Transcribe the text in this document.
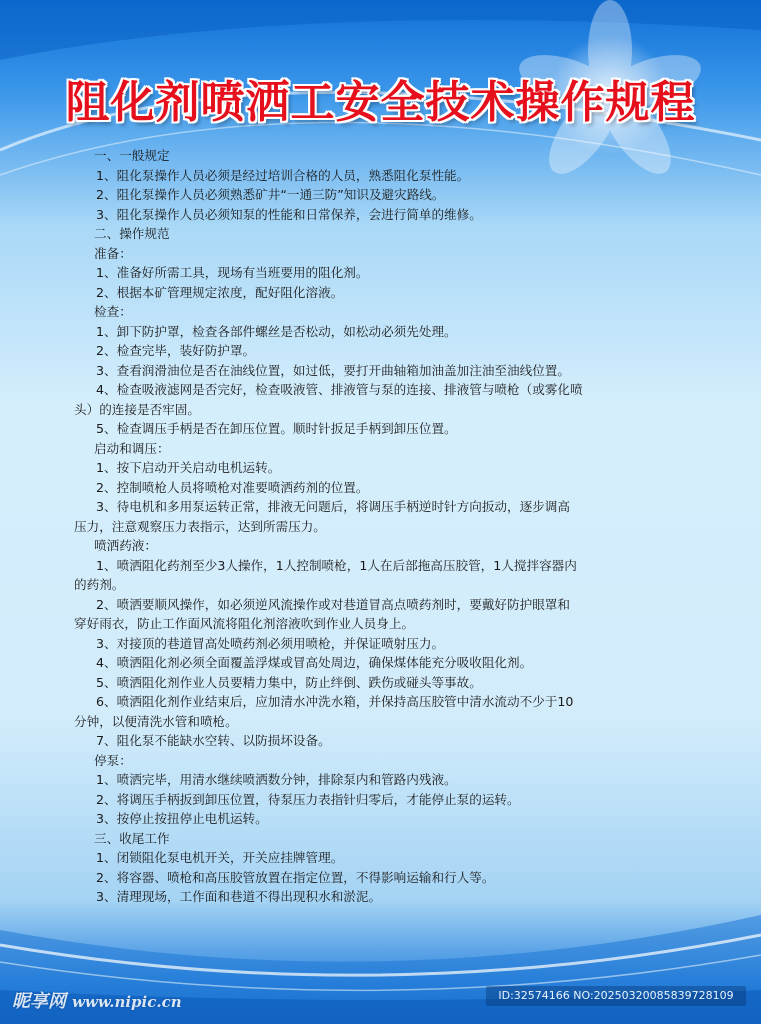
阻化剂喷洒工安全技术操作规程
一、一般规定
1、阻化泵操作人员必须是经过培训合格的人员，熟悉阻化泵性能。
2、阻化泵操作人员必须熟悉矿井“一通三防”知识及避灾路线。
3、阻化泵操作人员必须知泵的性能和日常保养，会进行简单的维修。
二、操作规范
准备：
1、准备好所需工具，现场有当班要用的阻化剂。
2、根据本矿管理规定浓度，配好阻化溶液。
检查：
1、卸下防护罩，检查各部件螺丝是否松动，如松动必须先处理。
2、检查完毕，装好防护罩。
3、查看润滑油位是否在油线位置，如过低，要打开曲轴箱加油盖加注油至油线位置。
4、检查吸液滤网是否完好，检查吸液管、排液管与泵的连接、排液管与喷枪（或雾化喷
头）的连接是否牢固。
5、检查调压手柄是否在卸压位置。顺时针扳足手柄到卸压位置。
启动和调压：
1、按下启动开关启动电机运转。
2、控制喷枪人员将喷枪对准要喷洒药剂的位置。
3、待电机和多用泵运转正常，排液无问题后，将调压手柄逆时针方向扳动，逐步调高
压力，注意观察压力表指示，达到所需压力。
喷洒药液：
1、喷洒阻化药剂至少3人操作，1人控制喷枪，1人在后部拖高压胶管，1人搅拌容器内
的药剂。
2、喷洒要顺风操作，如必须逆风流操作或对巷道冒高点喷药剂时，要戴好防护眼罩和
穿好雨衣，防止工作面风流将阻化剂溶液吹到作业人员身上。
3、对接顶的巷道冒高处喷药剂必须用喷枪，并保证喷射压力。
4、喷洒阻化剂必须全面覆盖浮煤或冒高处周边，确保煤体能充分吸收阻化剂。
5、喷洒阻化剂作业人员要精力集中，防止绊倒、跌伤或碰头等事故。
6、喷洒阻化剂作业结束后，应加清水冲洗水箱，并保持高压胶管中清水流动不少于10
分钟，以便清洗水管和喷枪。
7、阻化泵不能缺水空转、以防损坏设备。
停泵：
1、喷洒完毕，用清水继续喷洒数分钟，排除泵内和管路内残液。
2、将调压手柄扳到卸压位置，待泵压力表指针归零后，才能停止泵的运转。
3、按停止按扭停止电机运转。
三、收尾工作
1、闭锁阻化泵电机开关，开关应挂牌管理。
2、将容器、喷枪和高压胶管放置在指定位置，不得影响运输和行人等。
3、清理现场，工作面和巷道不得出现积水和淤泥。
昵享网 www.nipic.cn	ID:32574166 NO:20250320085839728109
